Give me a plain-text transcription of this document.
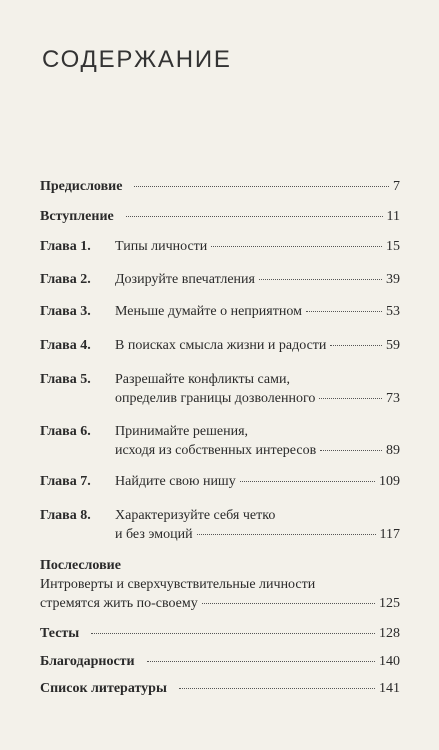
СОДЕРЖАНИЕ
Предисловие	7
Вступление	11
Глава 1.	Типы личности	15
Глава 2.	Дозируйте впечатления	39
Глава 3.	Меньше думайте о неприятном	53
Глава 4.	В поисках смысла жизни и радости	59
Глава 5.	Разрешайте конфликты сами,
определив границы дозволенного	73
Глава 6.	Принимайте решения,
исходя из собственных интересов	89
Глава 7.	Найдите свою нишу	109
Глава 8.	Характеризуйте себя четко
и без эмоций	117
Послесловие
Интроверты и сверхчувствительные личности
стремятся жить по-своему	125
Тесты	128
Благодарности	140
Список литературы	141
